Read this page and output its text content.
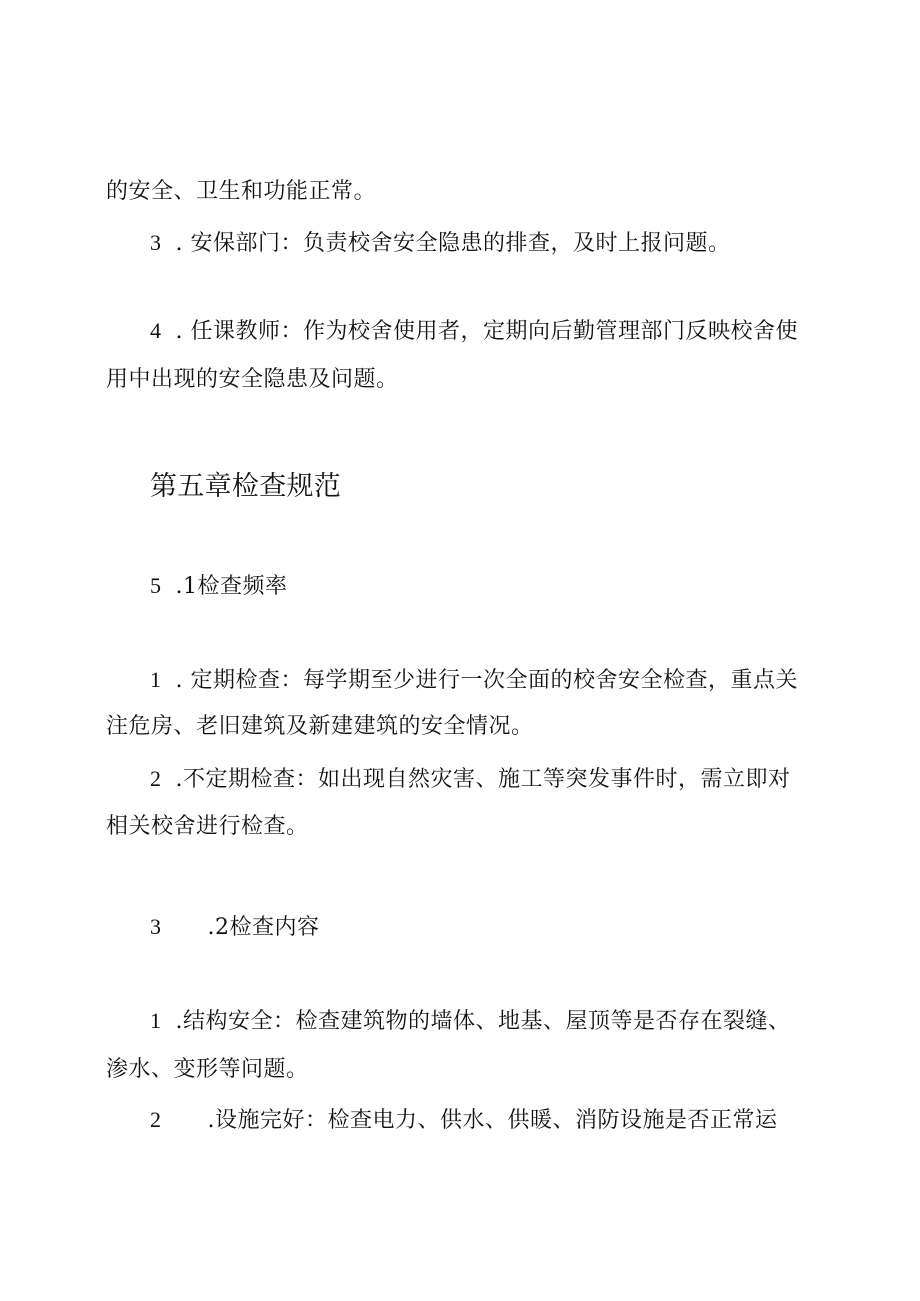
的安全、卫生和功能正常。
3 . 安保部门：负责校舍安全隐患的排查，及时上报问题。
4 . 任课教师：作为校舍使用者，定期向后勤管理部门反映校舍使
用中出现的安全隐患及问题。
第五章检查规范
5 .1检查频率
1 . 定期检查：每学期至少进行一次全面的校舍安全检查，重点关
注危房、老旧建筑及新建建筑的安全情况。
2 .不定期检查：如出现自然灾害、施工等突发事件时，需立即对
相关校舍进行检查。
3 .2检查内容
1 .结构安全：检查建筑物的墙体、地基、屋顶等是否存在裂缝、
渗水、变形等问题。
2 .设施完好：检查电力、供水、供暖、消防设施是否正常运
